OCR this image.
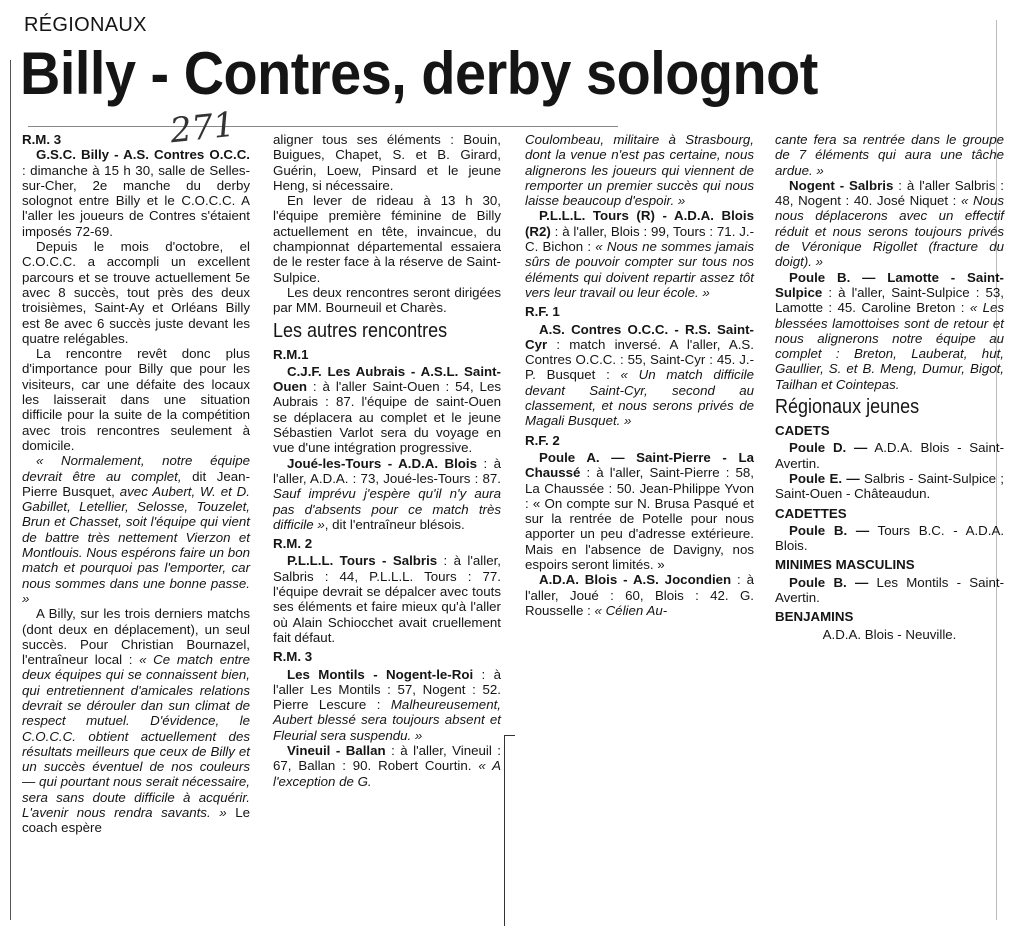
RÉGIONAUX
Billy - Contres, derby solognot
271
R.M. 3

G.S.C. Billy - A.S. Contres O.C.C. : dimanche à 15 h 30, salle de Selles-sur-Cher, 2e manche du derby solognot entre Billy et le C.O.C.C. A l'aller les joueurs de Contres s'étaient imposés 72-69.

Depuis le mois d'octobre, el C.O.C.C. a accompli un excellent parcours et se trouve actuellement 5e avec 8 succès, tout près des deux troisièmes, Saint-Ay et Orléans Billy est 8e avec 6 succès juste devant les quatre relégables.

La rencontre revêt donc plus d'importance pour Billy que pour les visiteurs, car une défaite des locaux les laisserait dans une situation difficile pour la suite de la compétition avec trois rencontres seulement à domicile.

« Normalement, notre équipe devrait être au complet, dit Jean-Pierre Busquet, avec Aubert, W. et D. Gabillet, Letellier, Selosse, Touzelet, Brun et Chasset, soit l'équipe qui vient de battre très nettement Vierzon et Montlouis. Nous espérons faire un bon match et pourquoi pas l'emporter, car nous sommes dans une bonne passe. »

A Billy, sur les trois derniers matchs (dont deux en déplacement), un seul succès. Pour Christian Bournazel, l'entraîneur local : « Ce match entre deux équipes qui se connaissent bien, qui entretiennent d'amicales relations devrait se dérouler dan sun climat de respect mutuel. D'évidence, le C.O.C.C. obtient actuellement des résultats meilleurs que ceux de Billy et un succès éventuel de nos couleurs — qui pourtant nous serait nécessaire, sera sans doute difficile à acquérir. L'avenir nous rendra savants. » Le coach espère

aligner tous ses éléments : Bouin, Buigues, Chapet, S. et B. Girard, Guérin, Loew, Pinsard et le jeune Heng, si nécessaire.

En lever de rideau à 13 h 30, l'équipe première féminine de Billy actuellement en tête, invaincue, du championnat départemental essaiera de le rester face à la réserve de Saint-Sulpice.

Les deux rencontres seront dirigées par MM. Bourneuil et Charès.

Les autres rencontres
R.M.1

C.J.F. Les Aubrais - A.S.L. Saint-Ouen : à l'aller Saint-Ouen : 54, Les Aubrais : 87. l'équipe de saint-Ouen se déplacera au complet et le jeune Sébastien Varlot sera du voyage en vue d'une intégration progressive.

Joué-les-Tours - A.D.A. Blois : à l'aller, A.D.A. : 73, Joué-les-Tours : 87. Sauf imprévu j'espère qu'il n'y aura pas d'absents pour ce match très difficile », dit l'entraîneur blésois.

R.M. 2

P.L.L.L. Tours - Salbris : à l'aller, Salbris : 44, P.L.L.L. Tours : 77. l'équipe devrait se dépalcer avec touts ses éléments et faire mieux qu'à l'aller où Alain Schiocchet avait cruellement fait défaut.

R.M. 3

Les Montils - Nogent-le-Roi : à l'aller Les Montils : 57, Nogent : 52. Pierre Lescure : Malheureusement, Aubert blessé sera toujours absent et Fleurial sera suspendu. »

Vineuil - Ballan : à l'aller, Vineuil : 67, Ballan : 90. Robert Courtin. « A l'exception de G.

Coulombeau, militaire à Strasbourg, dont la venue n'est pas certaine, nous alignerons les joueurs qui viennent de remporter un premier succès qui nous laisse beaucoup d'espoir. »

P.L.L.L. Tours (R) - A.D.A. Blois (R2) : à l'aller, Blois : 99, Tours : 71. J.-C. Bichon : « Nous ne sommes jamais sûrs de pouvoir compter sur tous nos éléments qui doivent repartir assez tôt vers leur travail ou leur école. »

R.F. 1

A.S. Contres O.C.C. - R.S. Saint-Cyr : match inversé. A l'aller, A.S. Contres O.C.C. : 55, Saint-Cyr : 45. J.-P. Busquet : « Un match difficile devant Saint-Cyr, second au classement, et nous serons privés de Magali Busquet. »

R.F. 2

Poule A. — Saint-Pierre - La Chaussé : à l'aller, Saint-Pierre : 58, La Chaussée : 50. Jean-Philippe Yvon : « On compte sur N. Brusa Pasqué et sur la rentrée de Potelle pour nous apporter un peu d'adresse extérieure. Mais en l'absence de Davigny, nos espoirs seront limités. »

A.D.A. Blois - A.S. Jocondien : à l'aller, Joué : 60, Blois : 42. G. Rousselle : « Célien Au-

cante fera sa rentrée dans le groupe de 7 éléments qui aura une tâche ardue. »

Nogent - Salbris : à l'aller Salbris : 48, Nogent : 40. José Niquet : « Nous nous déplacerons avec un effectif réduit et nous serons toujours privés de Véronique Rigollet (fracture du doigt). »

Poule B. — Lamotte - Saint-Sulpice : à l'aller, Saint-Sulpice : 53, Lamotte : 45. Caroline Breton : « Les blessées lamottoises sont de retour et nous alignerons notre équipe au complet : Breton, Lauberat, hut, Gaullier, S. et B. Meng, Dumur, Bigot, Tailhan et Cointepas.

Régionaux jeunes
CADETS

Poule D. — A.D.A. Blois - Saint-Avertin.

Poule E. — Salbris - Saint-Sulpice ; Saint-Ouen - Châteaudun.

CADETTES

Poule B. — Tours B.C. - A.D.A. Blois.

MINIMES MASCULINS

Poule B. — Les Montils - Saint-Avertin.

BENJAMINS

A.D.A. Blois - Neuville.
